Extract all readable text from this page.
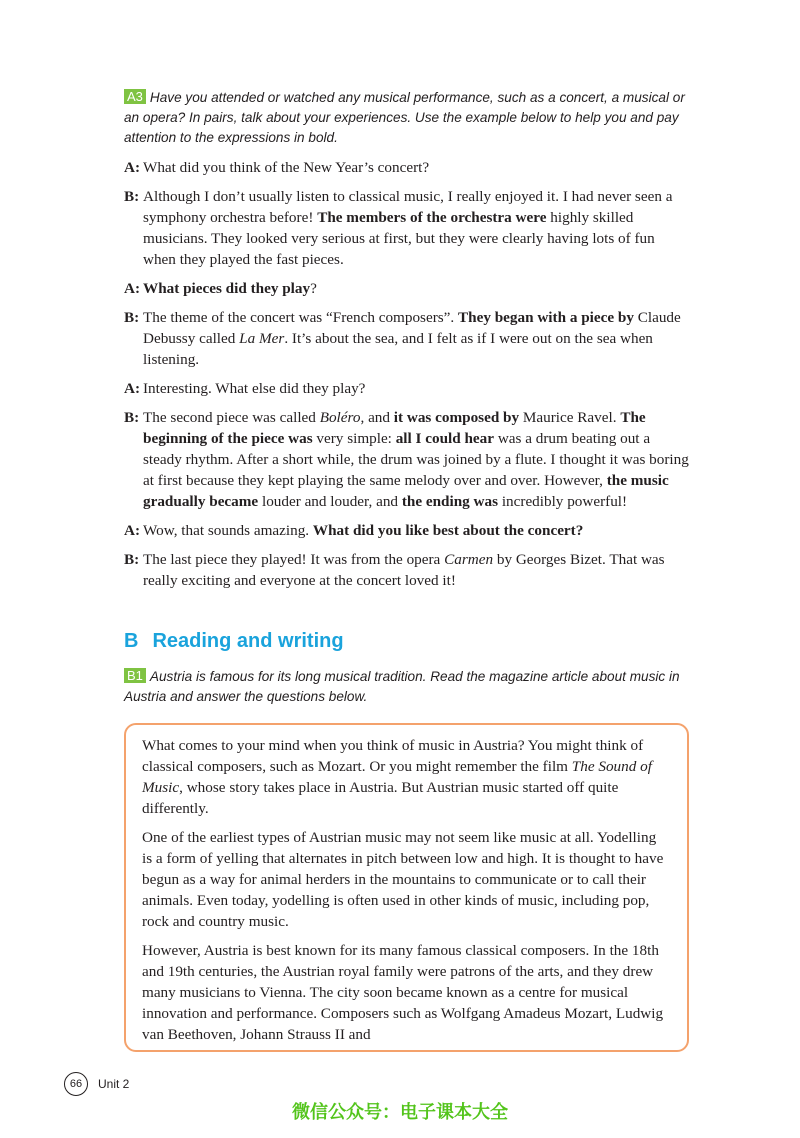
A3 Have you attended or watched any musical performance, such as a concert, a musical or an opera? In pairs, talk about your experiences. Use the example below to help you and pay attention to the expressions in bold.
A: What did you think of the New Year’s concert?
B: Although I don’t usually listen to classical music, I really enjoyed it. I had never seen a symphony orchestra before! The members of the orchestra were highly skilled musicians. They looked very serious at first, but they were clearly having lots of fun when they played the fast pieces.
A: What pieces did they play?
B: The theme of the concert was “French composers”. They began with a piece by Claude Debussy called La Mer. It’s about the sea, and I felt as if I were out on the sea when listening.
A: Interesting. What else did they play?
B: The second piece was called Boléro, and it was composed by Maurice Ravel. The beginning of the piece was very simple: all I could hear was a drum beating out a steady rhythm. After a short while, the drum was joined by a flute. I thought it was boring at first because they kept playing the same melody over and over. However, the music gradually became louder and louder, and the ending was incredibly powerful!
A: Wow, that sounds amazing. What did you like best about the concert?
B: The last piece they played! It was from the opera Carmen by Georges Bizet. That was really exciting and everyone at the concert loved it!
B Reading and writing
B1 Austria is famous for its long musical tradition. Read the magazine article about music in Austria and answer the questions below.

What comes to your mind when you think of music in Austria? You might think of classical composers, such as Mozart. Or you might remember the film The Sound of Music, whose story takes place in Austria. But Austrian music started off quite differently.

One of the earliest types of Austrian music may not seem like music at all. Yodelling is a form of yelling that alternates in pitch between low and high. It is thought to have begun as a way for animal herders in the mountains to communicate or to call their animals. Even today, yodelling is often used in other kinds of music, including pop, rock and country music.

However, Austria is best known for its many famous classical composers. In the 18th and 19th centuries, the Austrian royal family were patrons of the arts, and they drew many musicians to Vienna. The city soon became known as a centre for musical innovation and performance. Composers such as Wolfgang Amadeus Mozart, Ludwig van Beethoven, Johann Strauss II and

66	Unit 2
微信公众号：电子课本大全
